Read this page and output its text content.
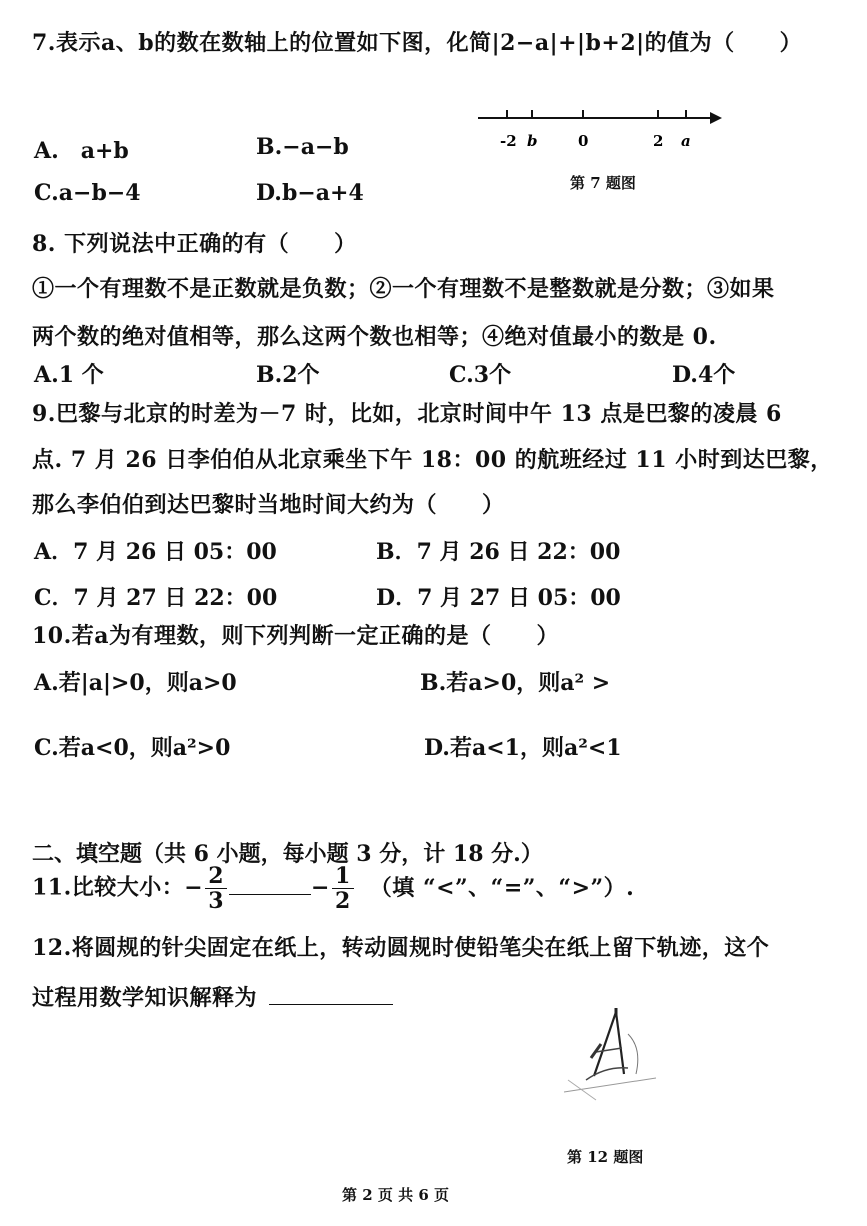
7.表示a、b的数在数轴上的位置如下图，化简|2−a|+|b+2|的值为（　　）
A.　a+b	B.−a−b
C.a−b−4	D.b−a+4
-2 b	0	2 a
第 7 题图
8. 下列说法中正确的有（　　）
①一个有理数不是正数就是负数；②一个有理数不是整数就是分数；③如果
两个数的绝对值相等，那么这两个数也相等；④绝对值最小的数是 0.
A.1 个	B.2个	C.3个	D.4个
9.巴黎与北京的时差为－7 时，比如，北京时间中午 13 点是巴黎的凌晨 6
点. 7 月 26 日李伯伯从北京乘坐下午 18：00 的航班经过 11 小时到达巴黎，
那么李伯伯到达巴黎时当地时间大约为（　　）
A．7 月 26 日 05：00	B．7 月 26 日 22：00
C．7 月 27 日 22：00	D．7 月 27 日 05：00
10.若a为有理数，则下列判断一定正确的是（　　）
A.若|a|>0，则a>0	B.若a>0，则a² >
C.若a<0，则a²>0	D.若a<1，则a²<1
二、填空题（共 6 小题，每小题 3 分，计 18 分.）
11.比较大小：− $\frac{2}{3}$	− $\frac{1}{2}$ （填 “<”、“=”、“>”）.
12.将圆规的针尖固定在纸上，转动圆规时使铅笔尖在纸上留下轨迹，这个
过程用数学知识解释为
第 12 题图
第 2 页 共 6 页
